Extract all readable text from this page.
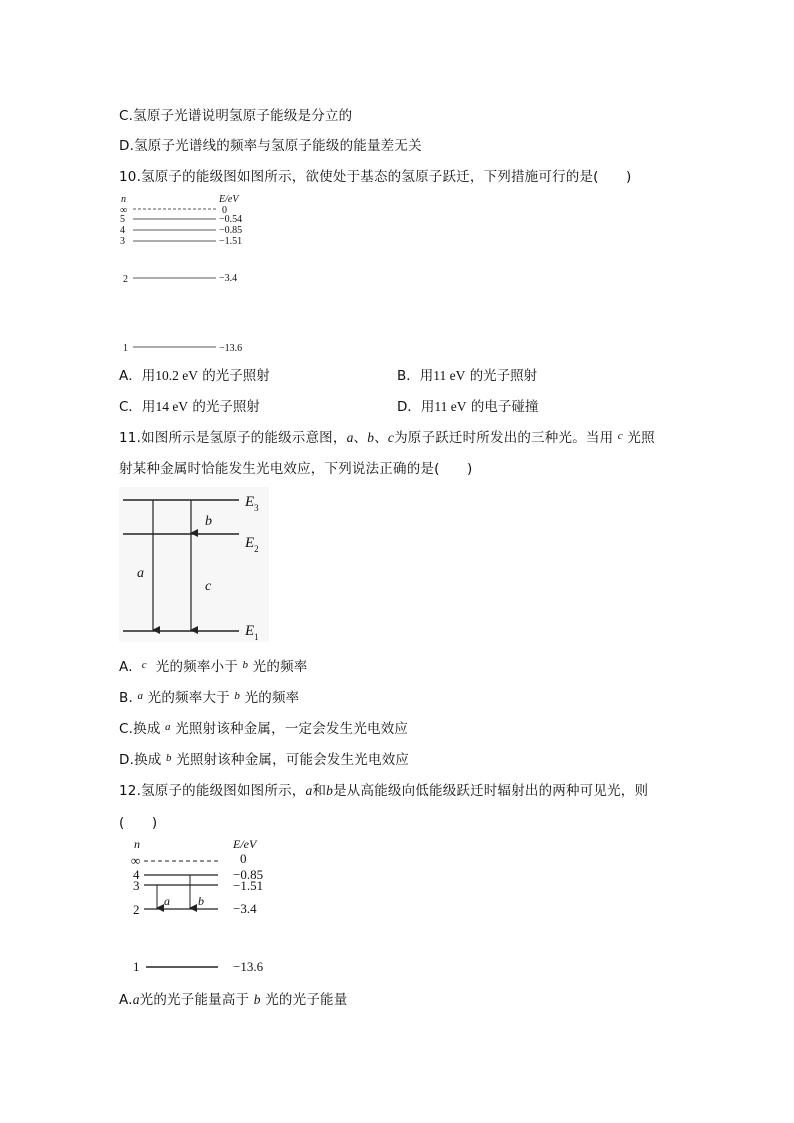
C.氢原子光谱说明氢原子能级是分立的
D.氢原子光谱线的频率与氢原子能级的能量差无关
10.氢原子的能级图如图所示，欲使处于基态的氢原子跃迁，下列措施可行的是(　　)
n	E/eV
∞	0
5	−0.54
4	−0.85
3	−1.51
2	−3.4
1	−13.6
A．用10.2 eV 的光子照射	B．用11 eV 的光子照射
C．用14 eV 的光子照射	D．用11 eV 的电子碰撞
11.如图所示是氢原子的能级示意图，a、b、c为原子跃迁时所发出的三种光。当用 $^c$ 光照
射某种金属时恰能发生光电效应，下列说法正确的是(　　)
a
b
c
$E_3$
$E_2$
$E_1$
A. $^c$ 光的频率小于 $^b$ 光的频率
B. $^a$ 光的频率大于 $^b$ 光的频率
C.换成 $^a$ 光照射该种金属，一定会发生光电效应
D.换成 $^b$ 光照射该种金属，可能会发生光电效应
12.氢原子的能级图如图所示，a和b是从高能级向低能级跃迁时辐射出的两种可见光，则
(　　)
n	E/eV
∞	0
4	−0.85
3	−1.51
2	−3.4
a b
1	−13.6
A.a光的光子能量高于 b 光的光子能量
